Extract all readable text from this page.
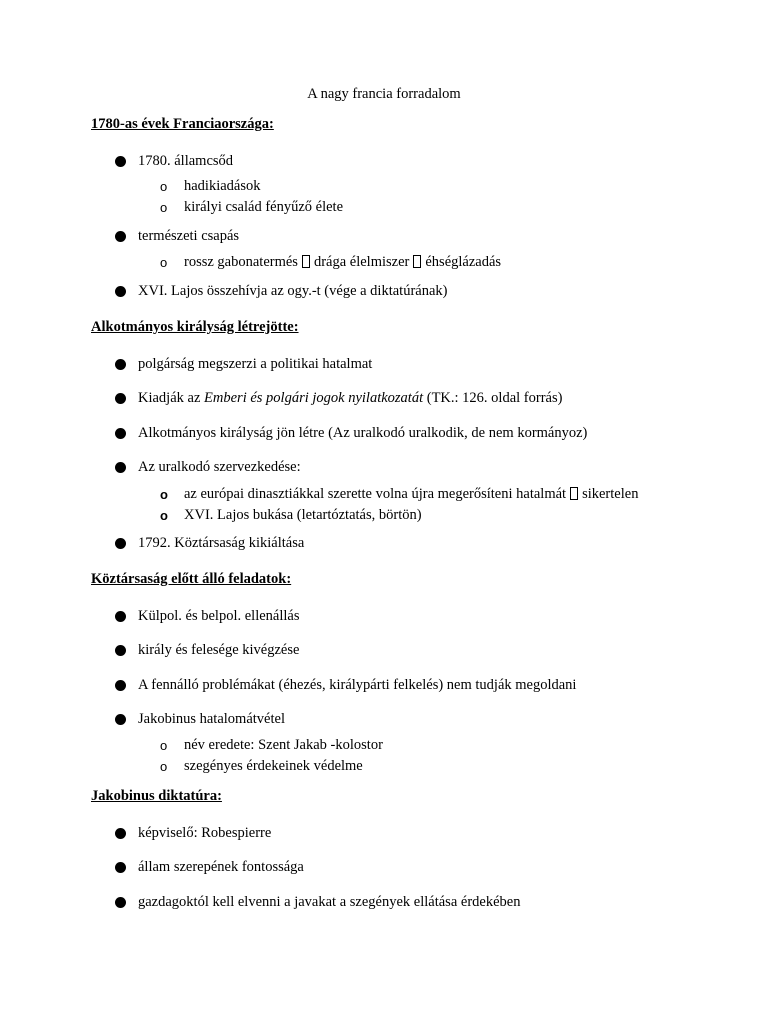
A nagy francia forradalom
1780-as évek Franciaországa:
1780. államcsőd
o hadikiadások
o királyi család fényűző élete
természeti csapás
o rossz gabonatermés drága élelmiszer éhséglázadás
XVI. Lajos összehívja az ogy.-t (vége a diktatúrának)
Alkotmányos királyság létrejötte:
polgárság megszerzi a politikai hatalmat
Kiadják az Emberi és polgári jogok nyilatkozatát (TK.: 126. oldal forrás)
Alkotmányos királyság jön létre (Az uralkodó uralkodik, de nem kormányoz)
Az uralkodó szervezkedése:
o az európai dinasztiákkal szerette volna újra megerősíteni hatalmát sikertelen
o XVI. Lajos bukása (letartóztatás, börtön)
1792. Köztársaság kikiáltása
Köztársaság előtt álló feladatok:
Külpol. és belpol. ellenállás
király és felesége kivégzése
A fennálló problémákat (éhezés, királypárti felkelés) nem tudják megoldani
Jakobinus hatalomátvétel
o név eredete: Szent Jakab -kolostor
o szegényes érdekeinek védelme
Jakobinus diktatúra:
képviselő: Robespierre
állam szerepének fontossága
gazdagoktól kell elvenni a javakat a szegények ellátása érdekében
